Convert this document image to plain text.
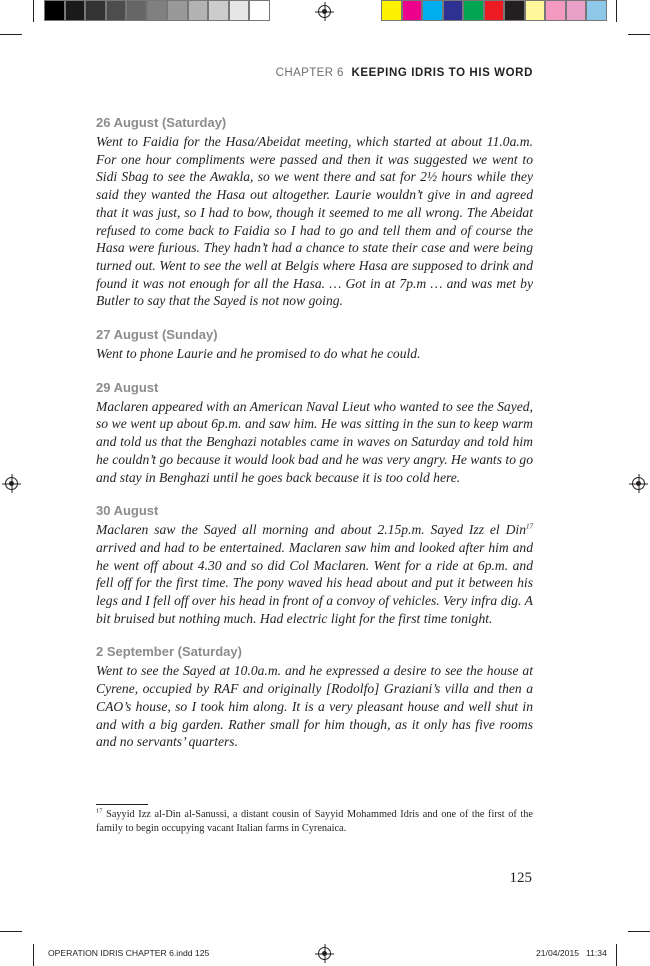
CHAPTER 6 KEEPING IDRIS TO HIS WORD

26 August (Saturday)

Went to Faidia for the Hasa/Abeidat meeting, which started at about 11.0a.m. For one hour compliments were passed and then it was suggested we went to Sidi Sbag to see the Awakla, so we went there and sat for 2½ hours while they said they wanted the Hasa out altogether. Laurie wouldn’t give in and agreed that it was just, so I had to bow, though it seemed to me all wrong. The Abeidat refused to come back to Faidia so I had to go and tell them and of course the Hasa were furious. They hadn’t had a chance to state their case and were being turned out. Went to see the well at Belgis where Hasa are supposed to drink and found it was not enough for all the Hasa. … Got in at 7p.m … and was met by Butler to say that the Sayed is not now going.

27 August (Sunday)

Went to phone Laurie and he promised to do what he could.

29 August

Maclaren appeared with an American Naval Lieut who wanted to see the Sayed, so we went up about 6p.m. and saw him. He was sitting in the sun to keep warm and told us that the Benghazi notables came in waves on Saturday and told him he couldn’t go because it would look bad and he was very angry. He wants to go and stay in Benghazi until he goes back because it is too cold here.

30 August

Maclaren saw the Sayed all morning and about 2.15p.m. Sayed Izz el Din$^{17}$ arrived and had to be entertained. Maclaren saw him and looked after him and he went off about 4.30 and so did Col Maclaren. Went for a ride at 6p.m. and fell off for the first time. The pony waved his head about and put it between his legs and I fell off over his head in front of a convoy of vehicles. Very infra dig. A bit bruised but nothing much. Had electric light for the first time tonight.

2 September (Saturday)

Went to see the Sayed at 10.0a.m. and he expressed a desire to see the house at Cyrene, occupied by RAF and originally [Rodolfo] Graziani’s villa and then a CAO’s house, so I took him along. It is a very pleasant house and well shut in and with a big garden. Rather small for him though, as it only has five rooms and no servants’ quarters.

$^{17}$ Sayyid Izz al-Din al-Sanussi, a distant cousin of Sayyid Mohammed Idris and one of the first of the family to begin occupying vacant Italian farms in Cyrenaica.

125
OPERATION IDRIS CHAPTER 6.indd 125	21/04/2015 11:34
